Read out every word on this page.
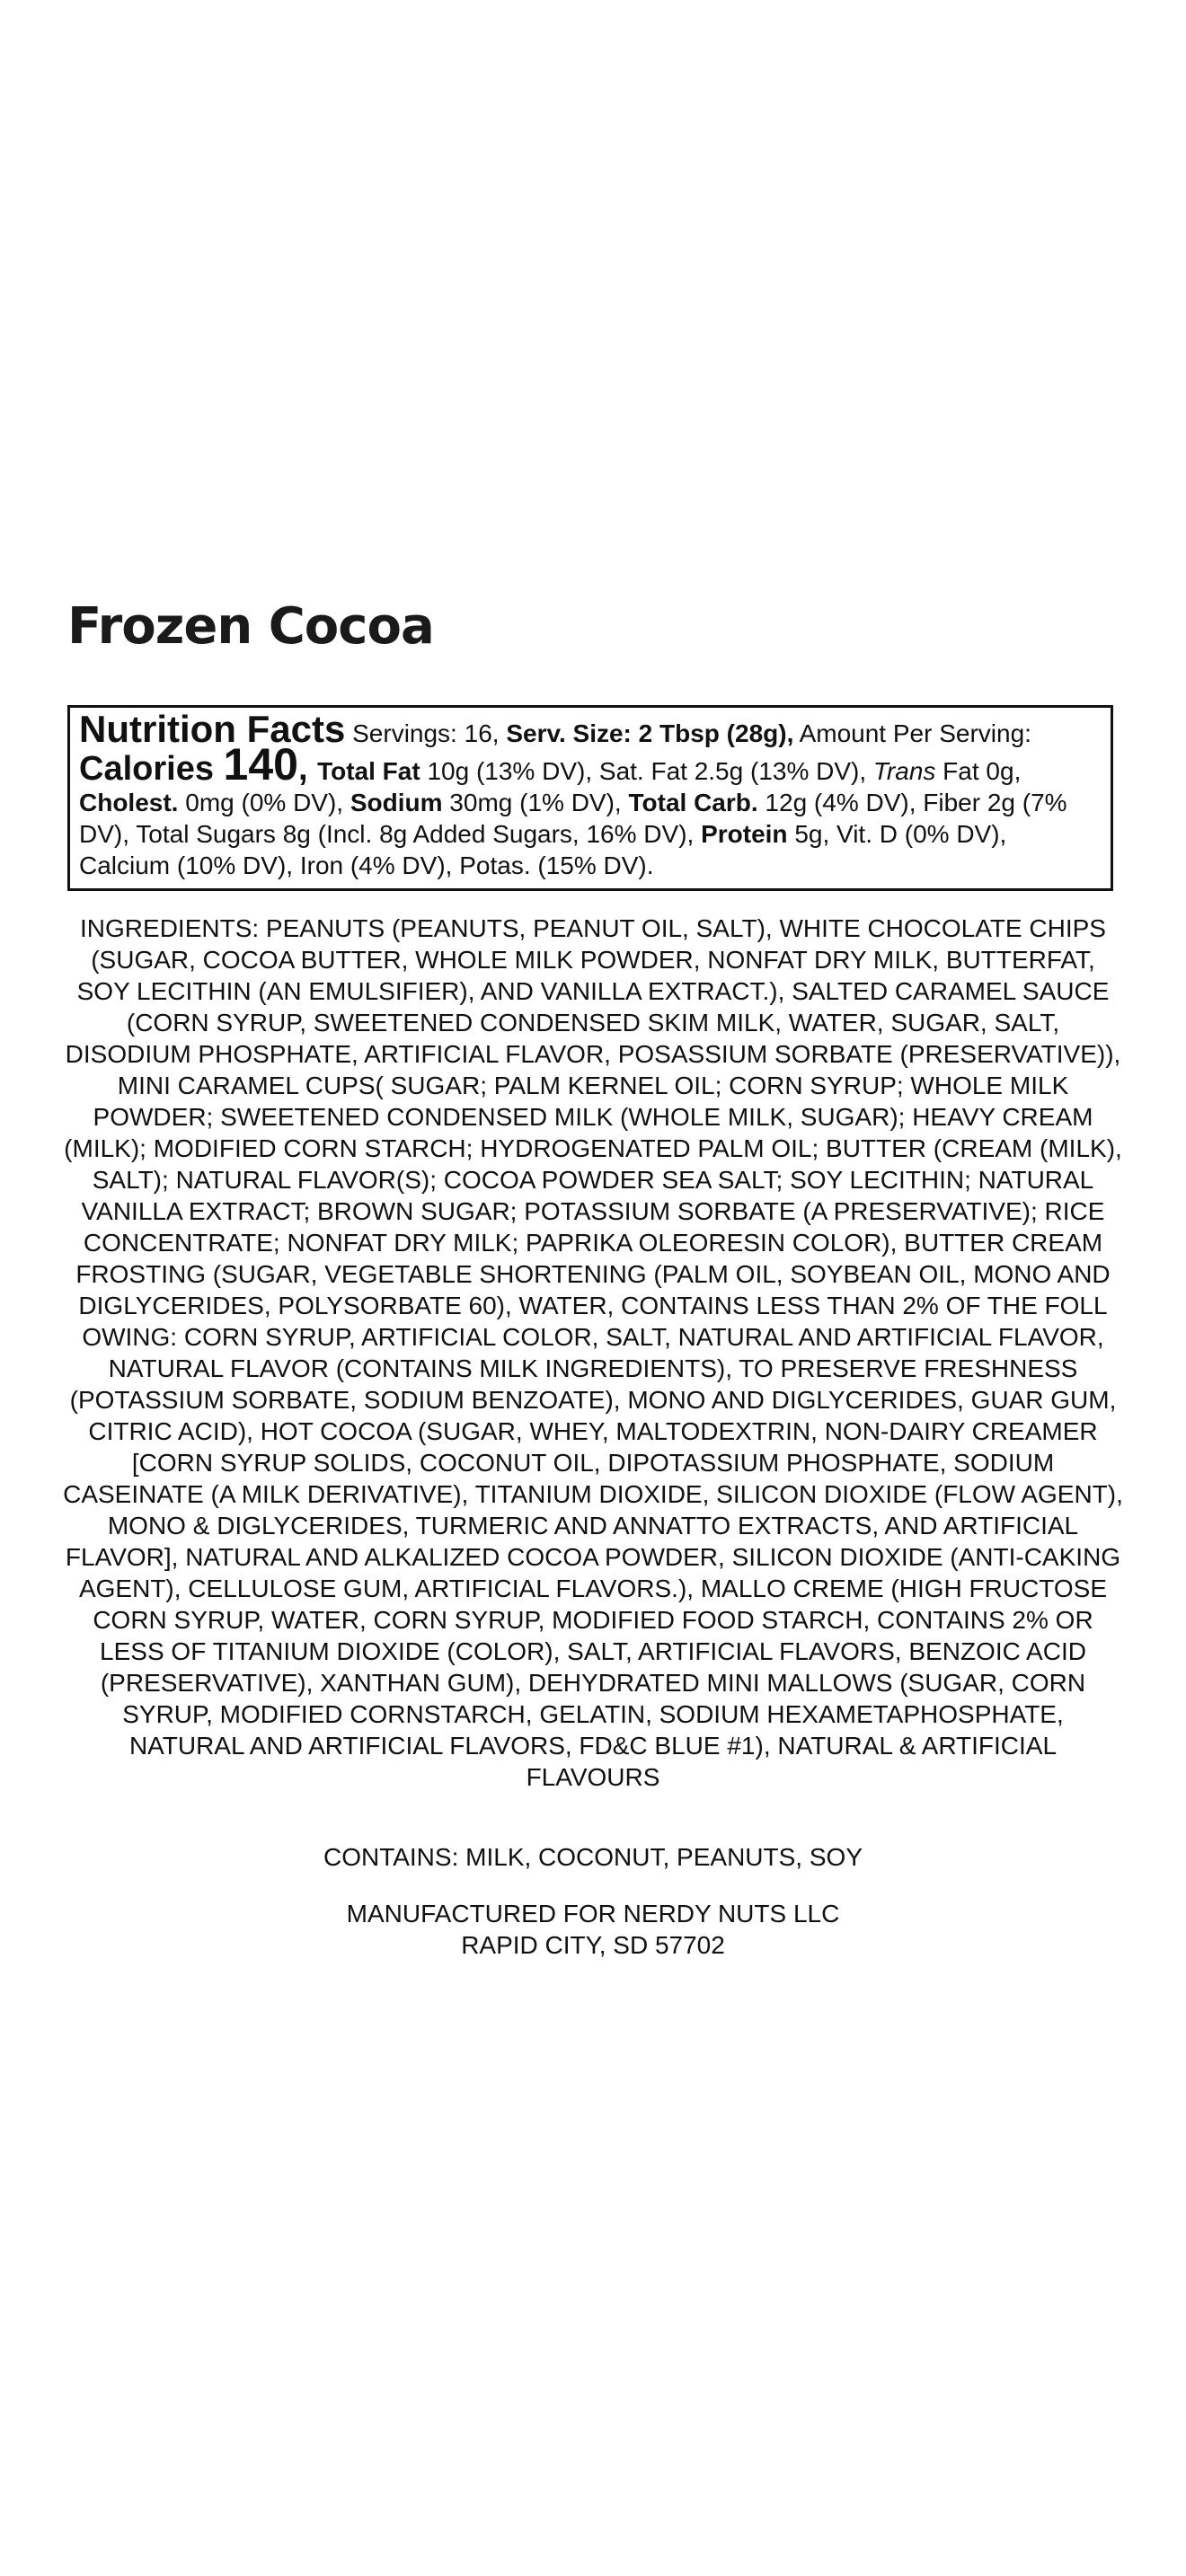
Frozen Cocoa
Nutrition Facts Servings: 16, Serv. Size: 2 Tbsp (28g), Amount Per Serving: Calories 140, Total Fat 10g (13% DV), Sat. Fat 2.5g (13% DV), Trans Fat 0g, Cholest. 0mg (0% DV), Sodium 30mg (1% DV), Total Carb. 12g (4% DV), Fiber 2g (7% DV), Total Sugars 8g (Incl. 8g Added Sugars, 16% DV), Protein 5g, Vit. D (0% DV), Calcium (10% DV), Iron (4% DV), Potas. (15% DV).

INGREDIENTS: PEANUTS (PEANUTS, PEANUT OIL, SALT), WHITE CHOCOLATE CHIPS (SUGAR, COCOA BUTTER, WHOLE MILK POWDER, NONFAT DRY MILK, BUTTERFAT, SOY LECITHIN (AN EMULSIFIER), AND VANILLA EXTRACT.), SALTED CARAMEL SAUCE (CORN SYRUP, SWEETENED CONDENSED SKIM MILK, WATER, SUGAR, SALT, DISODIUM PHOSPHATE, ARTIFICIAL FLAVOR, POSASSIUM SORBATE (PRESERVATIVE)), MINI CARAMEL CUPS( SUGAR; PALM KERNEL OIL; CORN SYRUP; WHOLE MILK POWDER; SWEETENED CONDENSED MILK (WHOLE MILK, SUGAR); HEAVY CREAM (MILK); MODIFIED CORN STARCH; HYDROGENATED PALM OIL; BUTTER (CREAM (MILK), SALT); NATURAL FLAVOR(S); COCOA POWDER SEA SALT; SOY LECITHIN; NATURAL VANILLA EXTRACT; BROWN SUGAR; POTASSIUM SORBATE (A PRESERVATIVE); RICE CONCENTRATE; NONFAT DRY MILK; PAPRIKA OLEORESIN COLOR), BUTTER CREAM FROSTING (SUGAR, VEGETABLE SHORTENING (PALM OIL, SOYBEAN OIL, MONO AND DIGLYCERIDES, POLYSORBATE 60), WATER, CONTAINS LESS THAN 2% OF THE FOLL OWING: CORN SYRUP, ARTIFICIAL COLOR, SALT, NATURAL AND ARTIFICIAL FLAVOR, NATURAL FLAVOR (CONTAINS MILK INGREDIENTS), TO PRESERVE FRESHNESS (POTASSIUM SORBATE, SODIUM BENZOATE), MONO AND DIGLYCERIDES, GUAR GUM, CITRIC ACID), HOT COCOA (SUGAR, WHEY, MALTODEXTRIN, NON-DAIRY CREAMER [CORN SYRUP SOLIDS, COCONUT OIL, DIPOTASSIUM PHOSPHATE, SODIUM CASEINATE (A MILK DERIVATIVE), TITANIUM DIOXIDE, SILICON DIOXIDE (FLOW AGENT), MONO & DIGLYCERIDES, TURMERIC AND ANNATTO EXTRACTS, AND ARTIFICIAL FLAVOR], NATURAL AND ALKALIZED COCOA POWDER, SILICON DIOXIDE (ANTI-CAKING AGENT), CELLULOSE GUM, ARTIFICIAL FLAVORS.), MALLO CREME (HIGH FRUCTOSE CORN SYRUP, WATER, CORN SYRUP, MODIFIED FOOD STARCH, CONTAINS 2% OR LESS OF TITANIUM DIOXIDE (COLOR), SALT, ARTIFICIAL FLAVORS, BENZOIC ACID (PRESERVATIVE), XANTHAN GUM), DEHYDRATED MINI MALLOWS (SUGAR, CORN SYRUP, MODIFIED CORNSTARCH, GELATIN, SODIUM HEXAMETAPHOSPHATE, NATURAL AND ARTIFICIAL FLAVORS, FD&C BLUE #1), NATURAL & ARTIFICIAL FLAVOURS

CONTAINS: MILK, COCONUT, PEANUTS, SOY

MANUFACTURED FOR NERDY NUTS LLC
RAPID CITY, SD 57702
